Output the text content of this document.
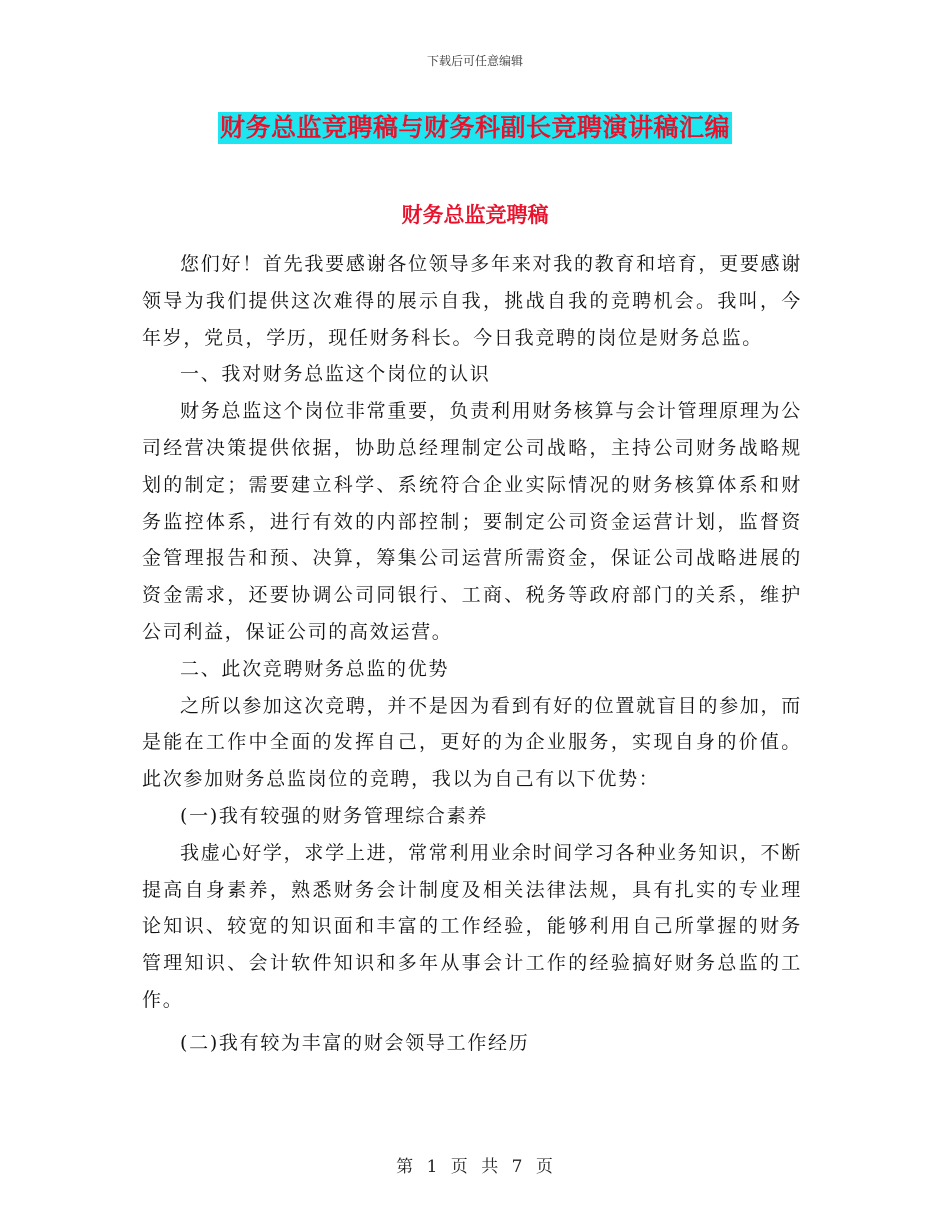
下载后可任意编辑
财务总监竞聘稿与财务科副长竞聘演讲稿汇编
财务总监竞聘稿

您们好！首先我要感谢各位领导多年来对我的教育和培育，更要感谢领导为我们提供这次难得的展示自我，挑战自我的竞聘机会。我叫，今年岁，党员，学历，现任财务科长。今日我竞聘的岗位是财务总监。

一、我对财务总监这个岗位的认识

财务总监这个岗位非常重要，负责利用财务核算与会计管理原理为公司经营决策提供依据，协助总经理制定公司战略，主持公司财务战略规划的制定；需要建立科学、系统符合企业实际情况的财务核算体系和财务监控体系，进行有效的内部控制；要制定公司资金运营计划，监督资金管理报告和预、决算，筹集公司运营所需资金，保证公司战略进展的资金需求，还要协调公司同银行、工商、税务等政府部门的关系，维护公司利益，保证公司的高效运营。

二、此次竞聘财务总监的优势

之所以参加这次竞聘，并不是因为看到有好的位置就盲目的参加，而是能在工作中全面的发挥自己，更好的为企业服务，实现自身的价值。此次参加财务总监岗位的竞聘，我以为自己有以下优势：

(一)我有较强的财务管理综合素养

我虚心好学，求学上进，常常利用业余时间学习各种业务知识，不断提高自身素养，熟悉财务会计制度及相关法律法规，具有扎实的专业理论知识、较宽的知识面和丰富的工作经验，能够利用自己所掌握的财务管理知识、会计软件知识和多年从事会计工作的经验搞好财务总监的工作。

(二)我有较为丰富的财会领导工作经历

第 1 页 共 7 页
